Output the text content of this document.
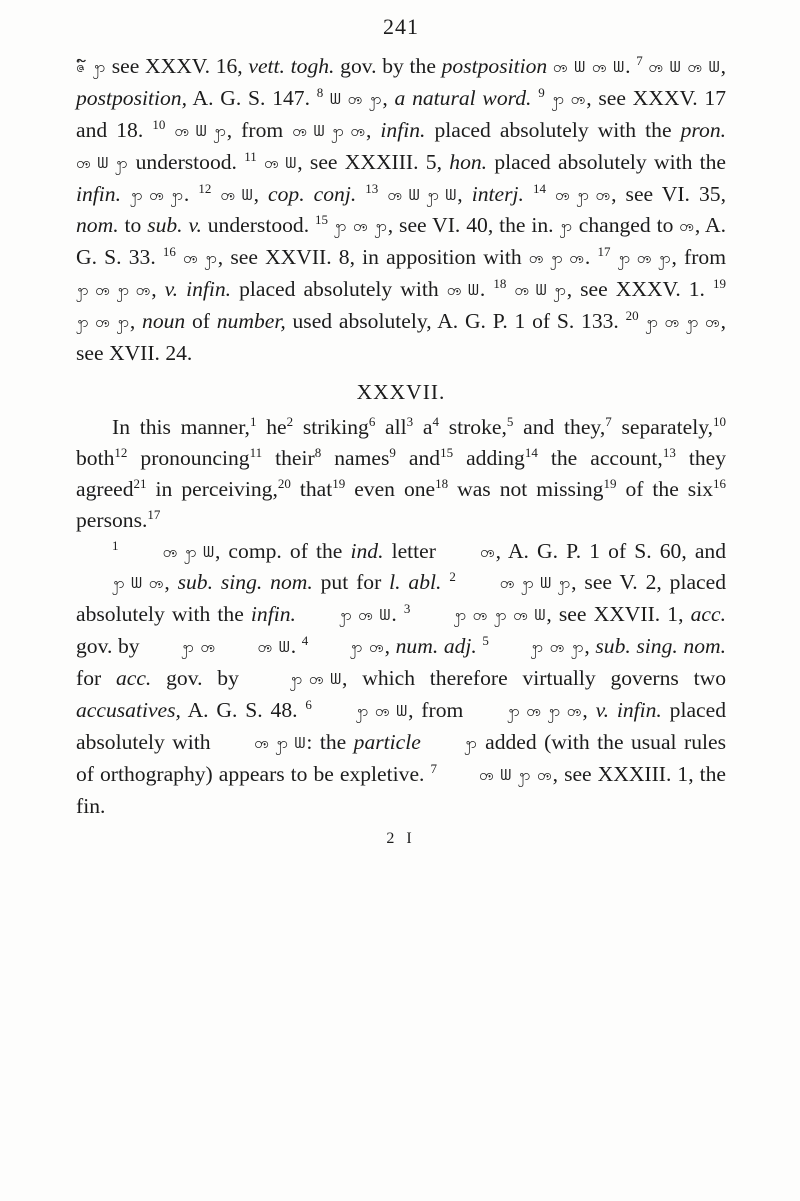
241

ဇ໌ ꩭ see XXXV. 16, vett. togh. gov. by the postposition ꧻ ᗯ ꧻ ᗯ. $^7$ ꧻ ᗯ ꧻ ᗯ, postposition, A. G. S. 147. $^8$ ᗯ ꧻ ꩭ, a natural word. $^9$ ꩭ ꧻ, see XXXV. 17 and 18. $^{10}$ ꧻ ᗯ ꩭ, from ꧻ ᗯ ꩭ ꧻ, infin. placed absolutely with the pron. ꧻ ᗯ ꩭ understood. $^{11}$ ꧻ ᗯ, see XXXIII. 5, hon. placed absolutely with the infin. ꩭ ꧻ ꩭ. $^{12}$ ꧻ ᗯ, cop. conj. $^{13}$ ꧻ ᗯ ꩭ ᗯ, interj. $^{14}$ ꧻ ꩭ ꧻ, see VI. 35, nom. to sub. v. understood. $^{15}$ ꩭ ꧻ ꩭ, see VI. 40, the in. ꩭ changed to ꧻ, A. G. S. 33. $^{16}$ ꧻ ꩭ, see XXVII. 8, in apposition with ꧻ ꩭ ꧻ. $^{17}$ ꩭ ꧻ ꩭ, from ꩭ ꧻ ꩭ ꧻ, v. infin. placed absolutely with ꧻ ᗯ. $^{18}$ ꧻ ᗯ ꩭ, see XXXV. 1. $^{19}$ ꩭ ꧻ ꩭ, noun of number, used absolutely, A. G. P. 1 of S. 133. $^{20}$ ꩭ ꧻ ꩭ ꧻ, see XVII. 24.

XXXVII.

In this manner,$^1$ $he^2$ striking$^6$ all$^3$ $a^4$ stroke,$^5$ and they,$^7$ separately,$^{10}$ both$^{12}$ pronouncing$^{11}$ their$^8$ names$^9$ and$^{15}$ adding$^{14}$ the account,$^{13}$ they agreed$^{21}$ in perceiving,$^{20}$ that$^{19}$ even one$^{18}$ was not missing$^{19}$ of the six$^{16}$ persons.$^{17}$

$^1$	ꧻ ꩭ ᗯ, comp. of the ind. letter ꧻ, A. G. P. 1 of S. 60, and ꩭ ᗯ ꧻ, sub. sing. nom. put for l. abl. $^2$	ꧻ ꩭ ᗯ ꩭ, see V. 2, placed absolutely with the infin.	ꩭ ꧻ ᗯ. $^3$	ꩭ ꧻ ꩭ ꧻ ᗯ, see XXVII. 1, acc. gov. by ꩭ ꧻ	ꧻ ᗯ. $^4$	ꩭ ꧻ, num. adj. $^5$	ꩭ ꧻ ꩭ, sub. sing. nom. for acc. gov. by ꩭ ꧻ ᗯ, which therefore virtually governs two accusatives, A. G. S. 48. $^6$	ꩭ ꧻ ᗯ, from ꩭ ꧻ ꩭ ꧻ, v. infin. placed absolutely with ꧻ ꩭ ᗯ: the particle	ꩭ added (with the usual rules of orthography) appears to be expletive. $^7$	ꧻ ᗯ ꩭ ꧻ, see XXXIII. 1, the fin.

2 I
